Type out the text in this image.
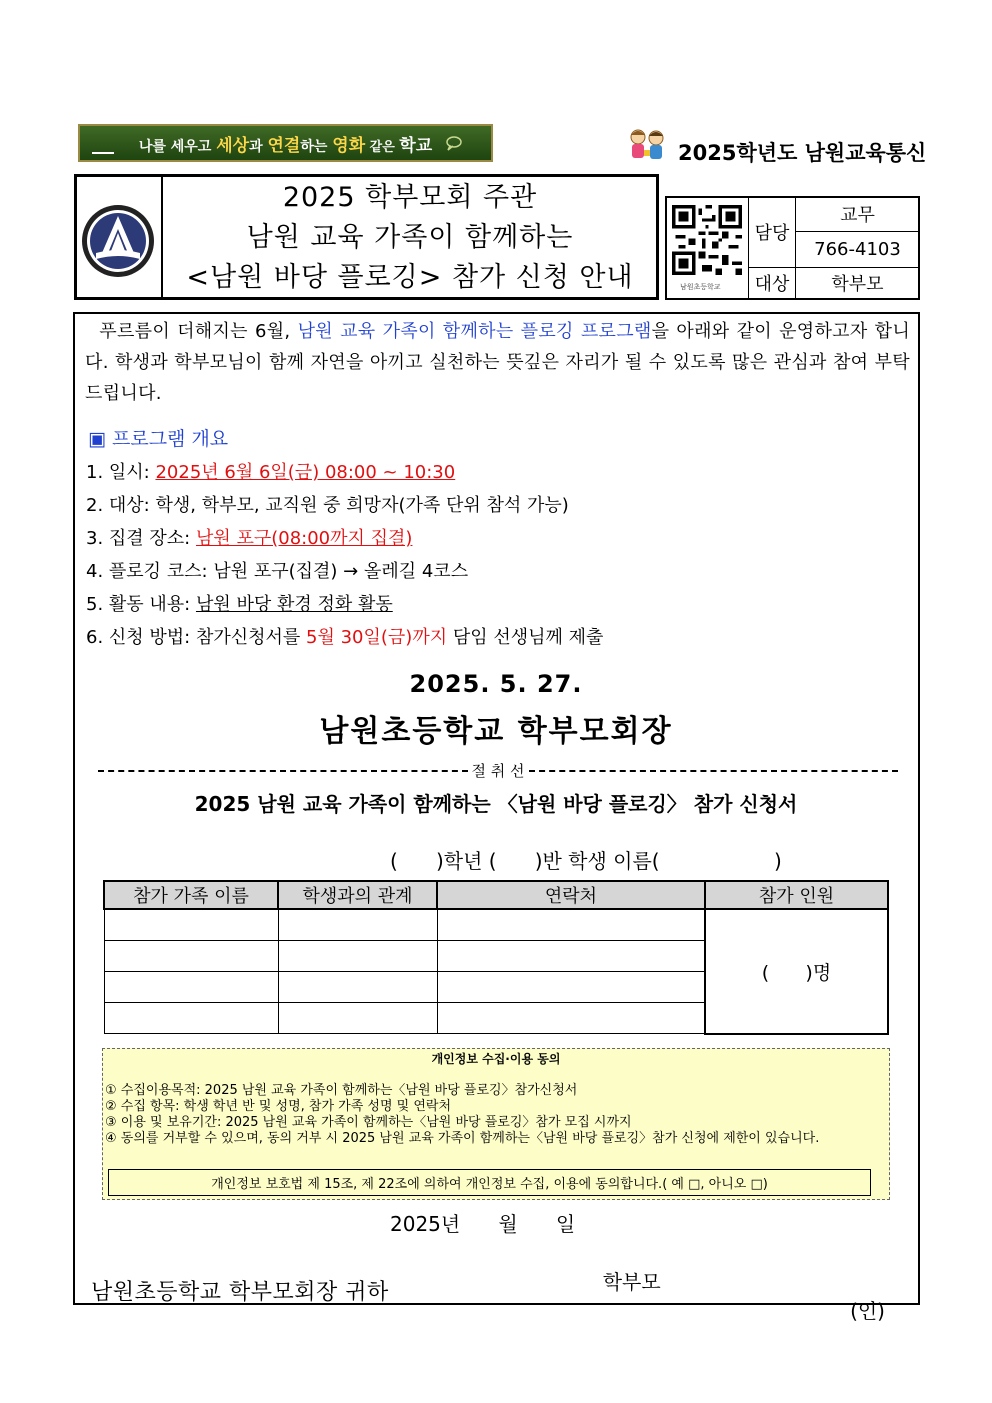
나를 세우고 세상과 연결하는 영화 같은 학교	2025학년도 남원교육통신
2025 학부모회 주관
남원 교육 가족이 함께하는
<남원 바당 플로깅> 참가 신청 안내	남원초등학교
담당	교무
	766-4103
대상	학부모
푸르름이 더해지는 6월, 남원 교육 가족이 함께하는 플로깅 프로그램을 아래와 같이 운영하고자 합니다. 학생과 학부모님이 함께 자연을 아끼고 실천하는 뜻깊은 자리가 될 수 있도록 많은 관심과 참여 부탁드립니다.
▣ 프로그램 개요
1. 일시: 2025년 6월 6일(금) 08:00 ~ 10:30
2. 대상: 학생, 학부모, 교직원 중 희망자(가족 단위 참석 가능)
3. 집결 장소: 남원 포구(08:00까지 집결)
4. 플로깅 코스: 남원 포구(집결) → 올레길 4코스
5. 활동 내용: 남원 바당 환경 정화 활동
6. 신청 방법: 참가신청서를 5월 30일(금)까지 담임 선생님께 제출
2025. 5. 27.
남원초등학교 학부모회장
절 취 선
2025 남원 교육 가족이 함께하는 〈남원 바당 플로깅〉 참가 신청서
(      )학년 (      )반 학생 이름(                  )
참가 가족 이름	학생과의 관계	연락처	참가 인원
			(      )명

개인정보 수집·이용 동의
① 수집이용목적: 2025 남원 교육 가족이 함께하는〈남원 바당 플로깅〉참가신청서
② 수집 항목: 학생 학년 반 및 성명, 참가 가족 성명 및 연락처
③ 이용 및 보유기간: 2025 남원 교육 가족이 함께하는〈남원 바당 플로깅〉참가 모집 시까지
④ 동의를 거부할 수 있으며, 동의 거부 시 2025 남원 교육 가족이 함께하는〈남원 바당 플로깅〉참가 신청에 제한이 있습니다.
개인정보 보호법 제 15조, 제 22조에 의하여 개인정보 수집, 이용에 동의합니다.( 예 □, 아니오 □)
2025년      월      일

학부모

(인)

남원초등학교 학부모회장 귀하
